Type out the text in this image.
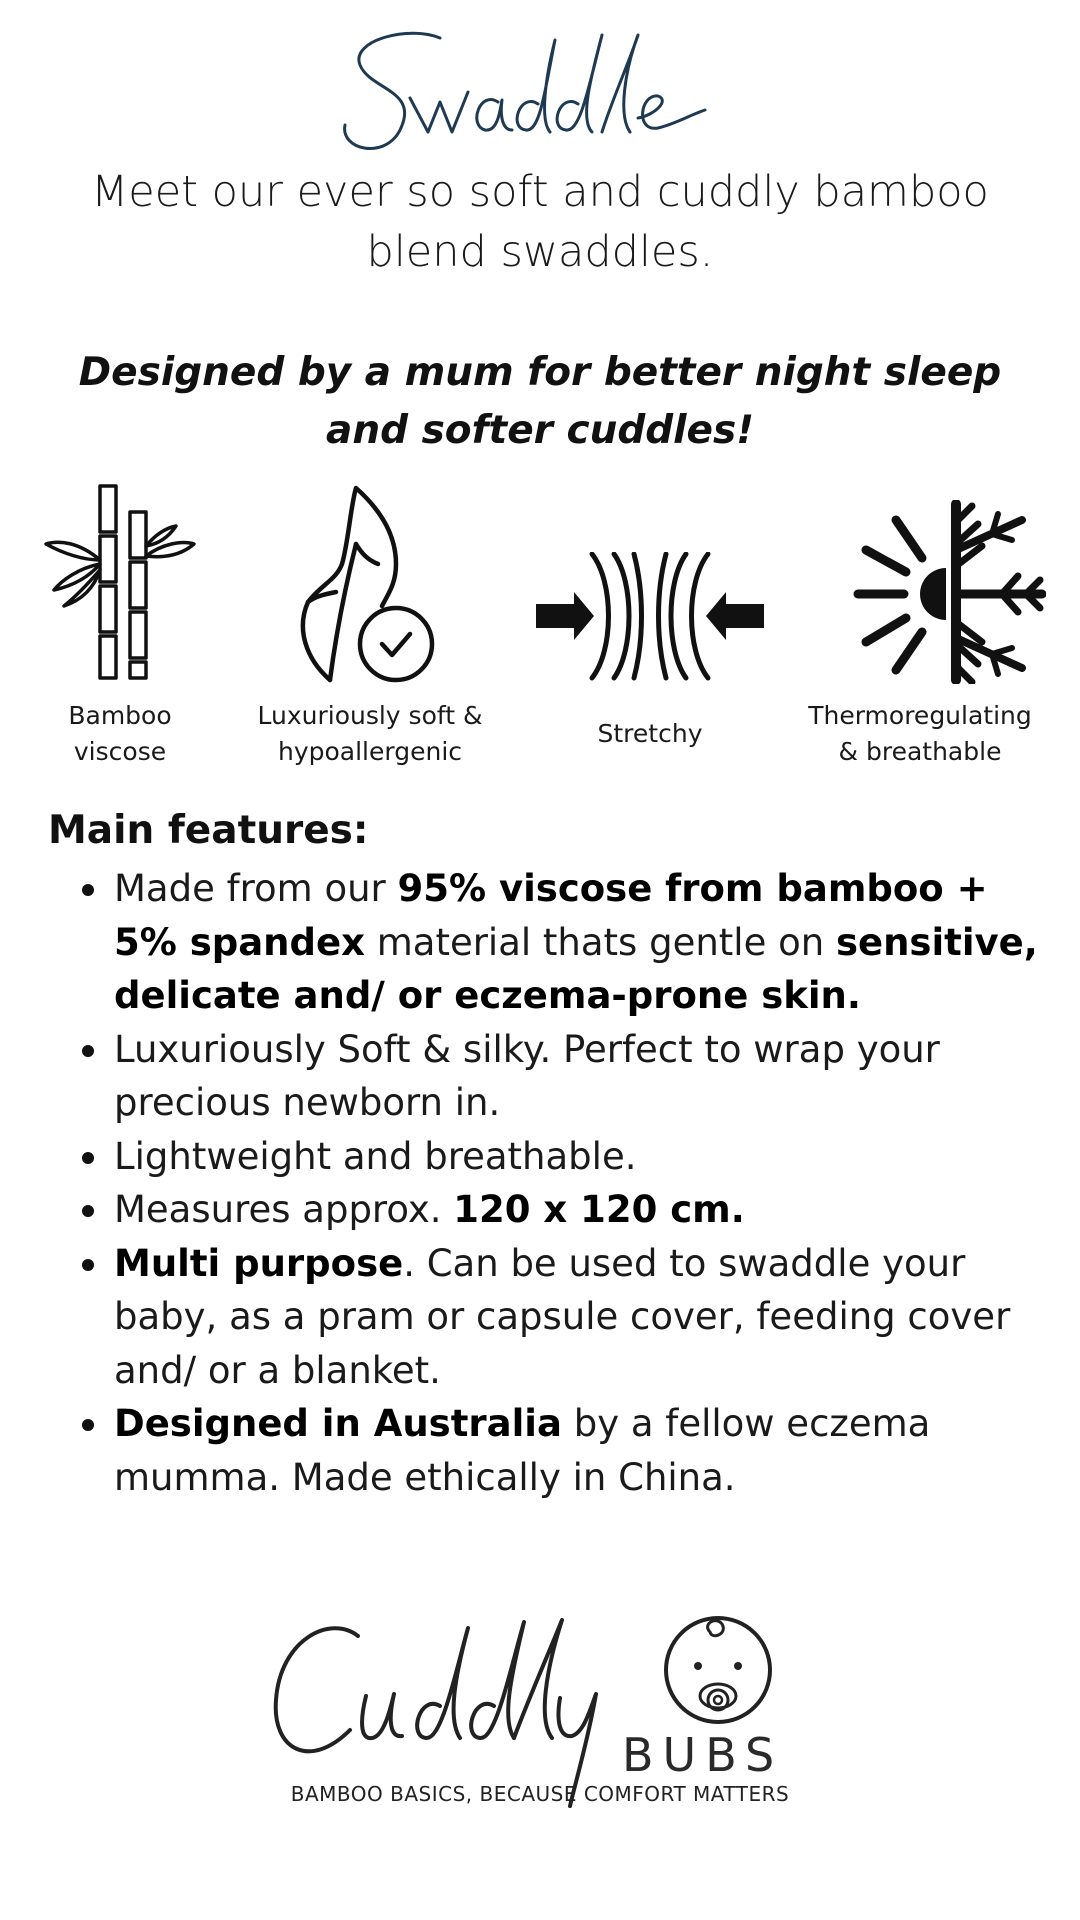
Meet our ever so soft and cuddly bamboo blend swaddles.
Designed by a mum for better night sleep and softer cuddles!
Bamboo
viscose
Luxuriously soft &
hypoallergenic
Stretchy
Thermoregulating
& breathable
Main features:
Made from our 95% viscose from bamboo + 5% spandex material thats gentle on sensitive, delicate and/ or eczema-prone skin.
Luxuriously Soft & silky. Perfect to wrap your precious newborn in.
Lightweight and breathable.
Measures approx. 120 x 120 cm.
Multi purpose. Can be used to swaddle your baby, as a pram or capsule cover, feeding cover and/ or a blanket.
Designed in Australia by a fellow eczema mumma. Made ethically in China.
BUBS
BAMBOO BASICS, BECAUSE COMFORT MATTERS
